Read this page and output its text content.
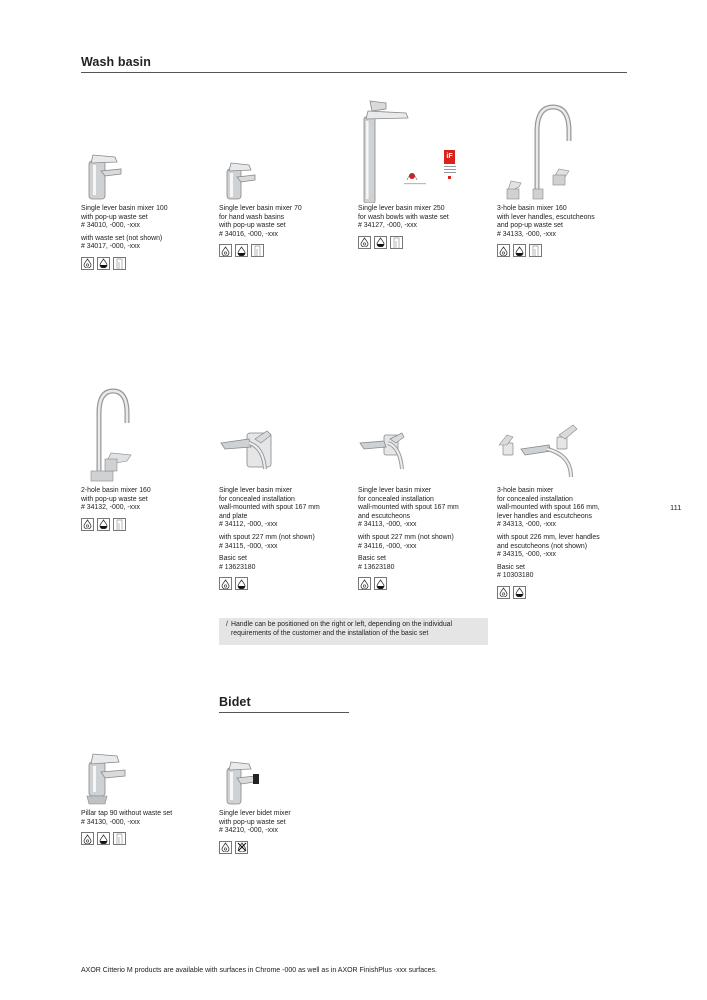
Wash basin
Bidet

Single lever basin mixer 100

with pop-up waste set

# 34010, -000, -xxx

with waste set (not shown)

# 34017, -000, -xxx

Single lever basin mixer 70

for hand wash basins

with pop-up waste set

# 34016, -000, -xxx

Single lever basin mixer 250

for wash bowls with waste set

# 34127, -000, -xxx

iF

3-hole basin mixer 160

with lever handles, escutcheons

and pop-up waste set

# 34133, -000, -xxx

2-hole basin mixer 160

with pop-up waste set

# 34132, -000, -xxx

Single lever basin mixer

for concealed installation

wall-mounted with spout 167 mm

and plate

# 34112, -000, -xxx

with spout 227 mm (not shown)

# 34115, -000, -xxx

Basic set

# 13623180

Single lever basin mixer

for concealed installation

wall-mounted with spout 167 mm

and escutcheons

# 34113, -000, -xxx

with spout 227 mm (not shown)

# 34116, -000, -xxx

Basic set

# 13623180

3-hole basin mixer

for concealed installation

wall-mounted with spout 166 mm,

lever handles and escutcheons

# 34313, -000, -xxx

with spout 226 mm, lever handles

and escutcheons (not shown)

# 34315, -000, -xxx

Basic set

# 10303180

/ Handle can be positioned on the right or left, depending on the individual

requirements of the customer and the installation of the basic set

111

Pillar tap 90 without waste set

# 34130, -000, -xxx

Single lever bidet mixer

with pop-up waste set

# 34210, -000, -xxx

AXOR Citterio M products are available with surfaces in Chrome -000 as well as in AXOR FinishPlus -xxx surfaces.
